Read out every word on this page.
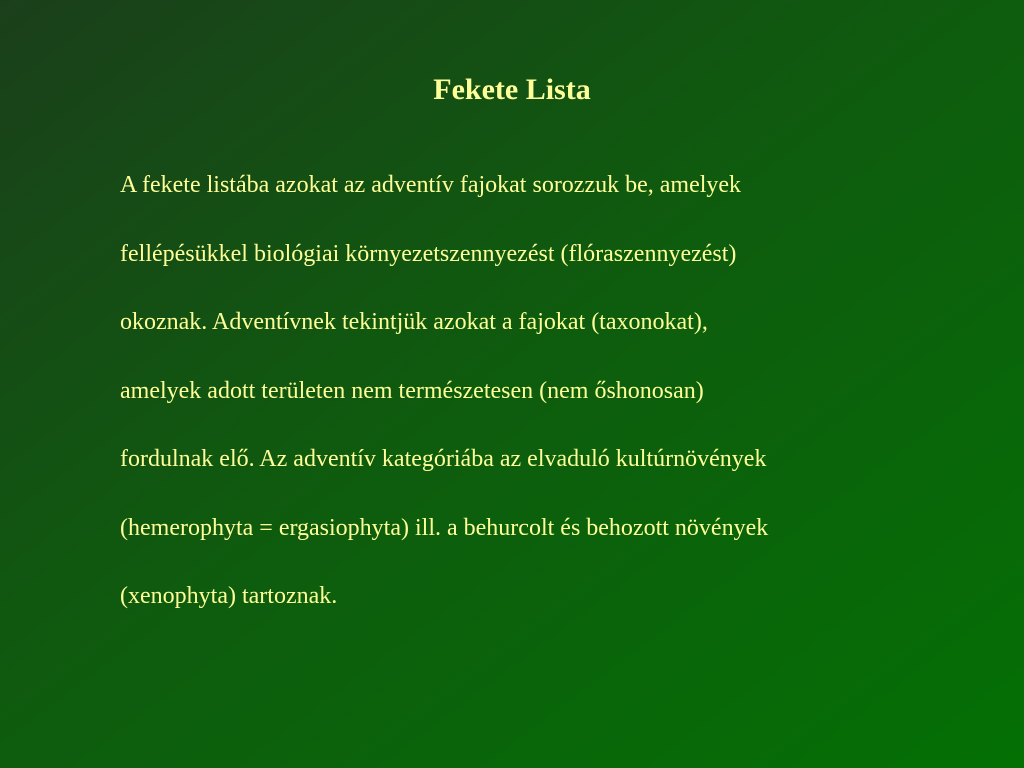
Fekete Lista
A fekete listába azokat az adventív fajokat sorozzuk be, amelyek
fellépésükkel biológiai környezetszennyezést (flóraszennyezést)
okoznak. Adventívnek tekintjük azokat a fajokat (taxonokat),
amelyek adott területen nem természetesen (nem őshonosan)
fordulnak elő. Az adventív kategóriába az elvaduló kultúrnövények
(hemerophyta = ergasiophyta) ill. a behurcolt és behozott növények
(xenophyta) tartoznak.
